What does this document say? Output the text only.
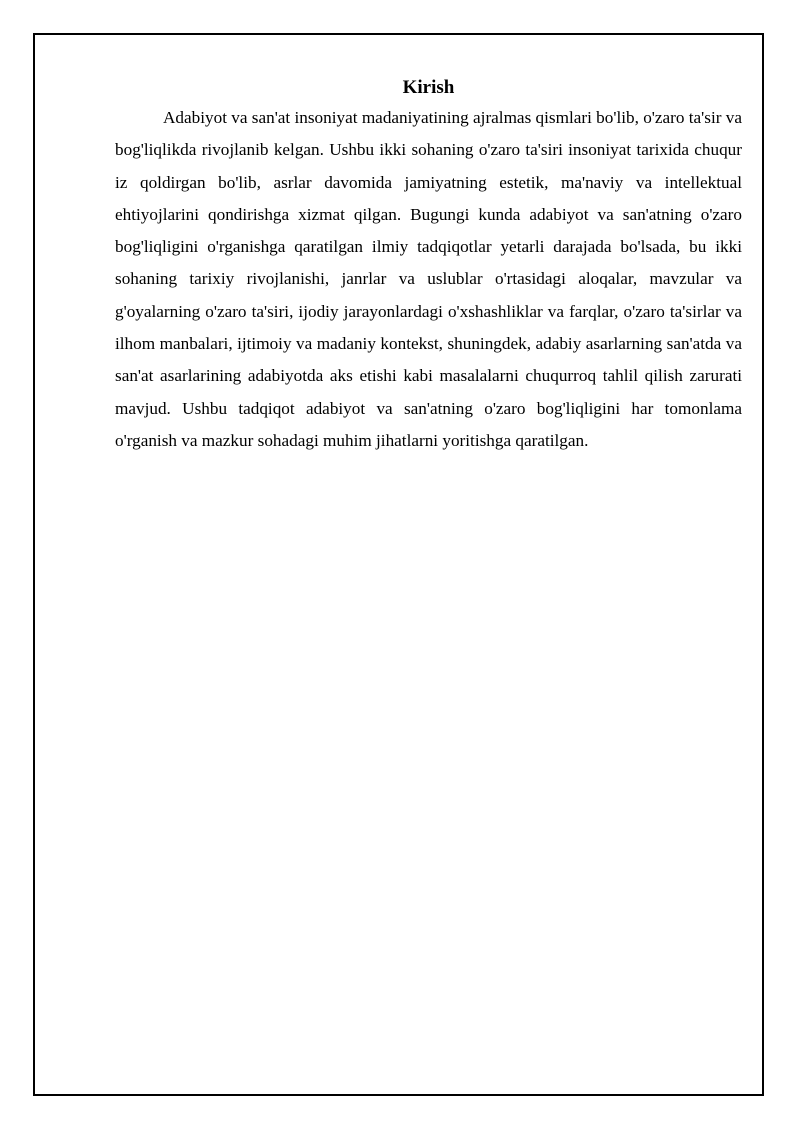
Kirish

Adabiyot va san'at insoniyat madaniyatining ajralmas qismlari bo'lib, o'zaro ta'sir va bog'liqlikda rivojlanib kelgan. Ushbu ikki sohaning o'zaro ta'siri insoniyat tarixida chuqur iz qoldirgan bo'lib, asrlar davomida jamiyatning estetik, ma'naviy va intellektual ehtiyojlarini qondirishga xizmat qilgan. Bugungi kunda adabiyot va san'atning o'zaro bog'liqligini o'rganishga qaratilgan ilmiy tadqiqotlar yetarli darajada bo'lsada, bu ikki sohaning tarixiy rivojlanishi, janrlar va uslublar o'rtasidagi aloqalar, mavzular va g'oyalarning o'zaro ta'siri, ijodiy jarayonlardagi o'xshashliklar va farqlar, o'zaro ta'sirlar va ilhom manbalari, ijtimoiy va madaniy kontekst, shuningdek, adabiy asarlarning san'atda va san'at asarlarining adabiyotda aks etishi kabi masalalarni chuqurroq tahlil qilish zarurati mavjud. Ushbu tadqiqot adabiyot va san'atning o'zaro bog'liqligini har tomonlama o'rganish va mazkur sohadagi muhim jihatlarni yoritishga qaratilgan.
